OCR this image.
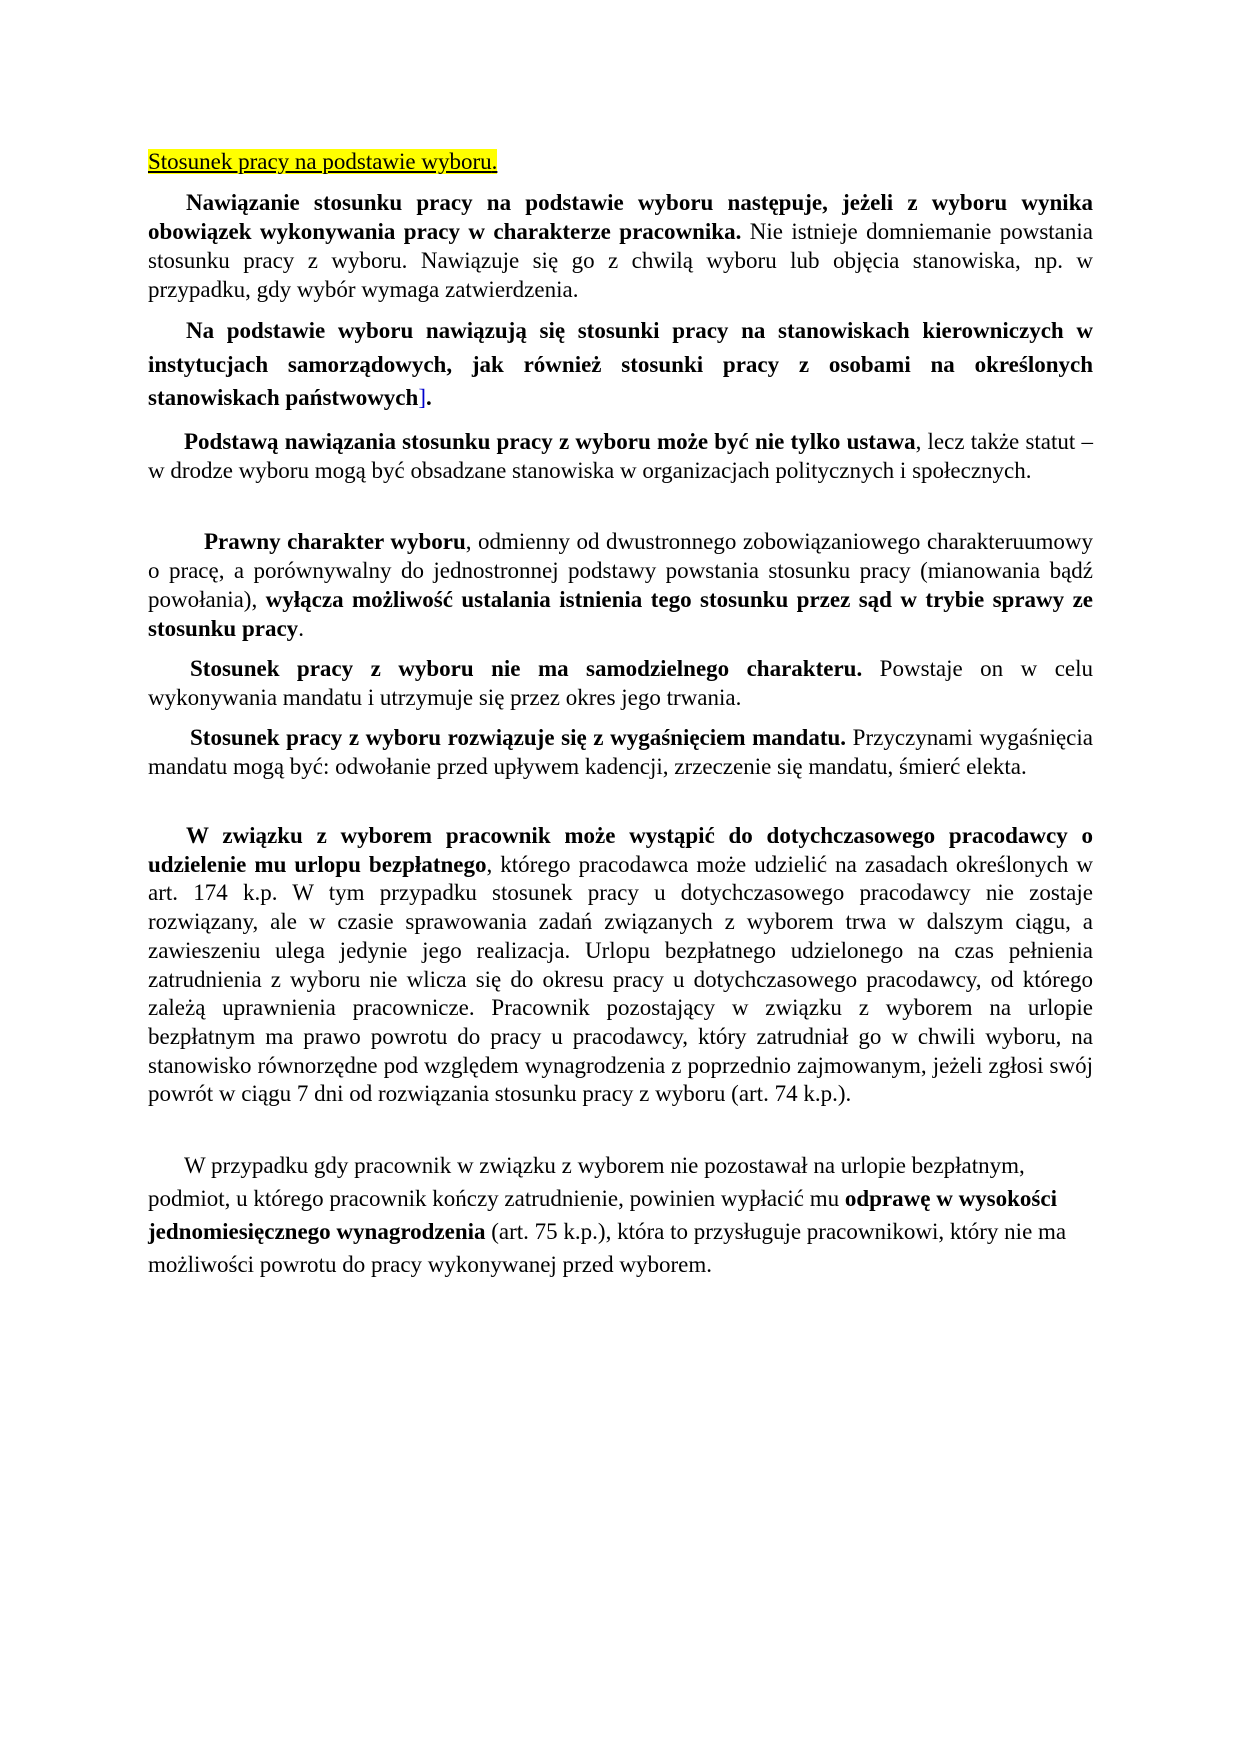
Stosunek pracy na podstawie wyboru.

Nawiązanie stosunku pracy na podstawie wyboru następuje, jeżeli z wyboru wynika obowiązek wykonywania pracy w charakterze pracownika. Nie istnieje domniemanie powstania stosunku pracy z wyboru. Nawiązuje się go z chwilą wyboru lub objęcia stanowiska, np. w przypadku, gdy wybór wymaga zatwierdzenia.

Na podstawie wyboru nawiązują się stosunki pracy na stanowiskach kierowniczych w instytucjach samorządowych, jak również stosunki pracy z osobami na określonych stanowiskach państwowych].

Podstawą nawiązania stosunku pracy z wyboru może być nie tylko ustawa, lecz także statut – w drodze wyboru mogą być obsadzane stanowiska w organizacjach politycznych i społecznych.

Prawny charakter wyboru, odmienny od dwustronnego zobowiązaniowego charakteruumowy o pracę, a porównywalny do jednostronnej podstawy powstania stosunku pracy (mianowania bądź powołania), wyłącza możliwość ustalania istnienia tego stosunku przez sąd w trybie sprawy ze stosunku pracy.

Stosunek pracy z wyboru nie ma samodzielnego charakteru. Powstaje on w celu wykonywania mandatu i utrzymuje się przez okres jego trwania.

Stosunek pracy z wyboru rozwiązuje się z wygaśnięciem mandatu. Przyczynami wygaśnięcia mandatu mogą być: odwołanie przed upływem kadencji, zrzeczenie się mandatu, śmierć elekta.

W związku z wyborem pracownik może wystąpić do dotychczasowego pracodawcy o udzielenie mu urlopu bezpłatnego, którego pracodawca może udzielić na zasadach określonych w art. 174 k.p. W tym przypadku stosunek pracy u dotychczasowego pracodawcy nie zostaje rozwiązany, ale w czasie sprawowania zadań związanych z wyborem trwa w dalszym ciągu, a zawieszeniu ulega jedynie jego realizacja. Urlopu bezpłatnego udzielonego na czas pełnienia zatrudnienia z wyboru nie wlicza się do okresu pracy u dotychczasowego pracodawcy, od którego zależą uprawnienia pracownicze. Pracownik pozostający w związku z wyborem na urlopie bezpłatnym ma prawo powrotu do pracy u pracodawcy, który zatrudniał go w chwili wyboru, na stanowisko równorzędne pod względem wynagrodzenia z poprzednio zajmowanym, jeżeli zgłosi swój powrót w ciągu 7 dni od rozwiązania stosunku pracy z wyboru (art. 74 k.p.).

W przypadku gdy pracownik w związku z wyborem nie pozostawał na urlopie bezpłatnym, podmiot, u którego pracownik kończy zatrudnienie, powinien wypłacić mu odprawę w wysokości jednomiesięcznego wynagrodzenia (art. 75 k.p.), która to przysługuje pracownikowi, który nie ma możliwości powrotu do pracy wykonywanej przed wyborem.
